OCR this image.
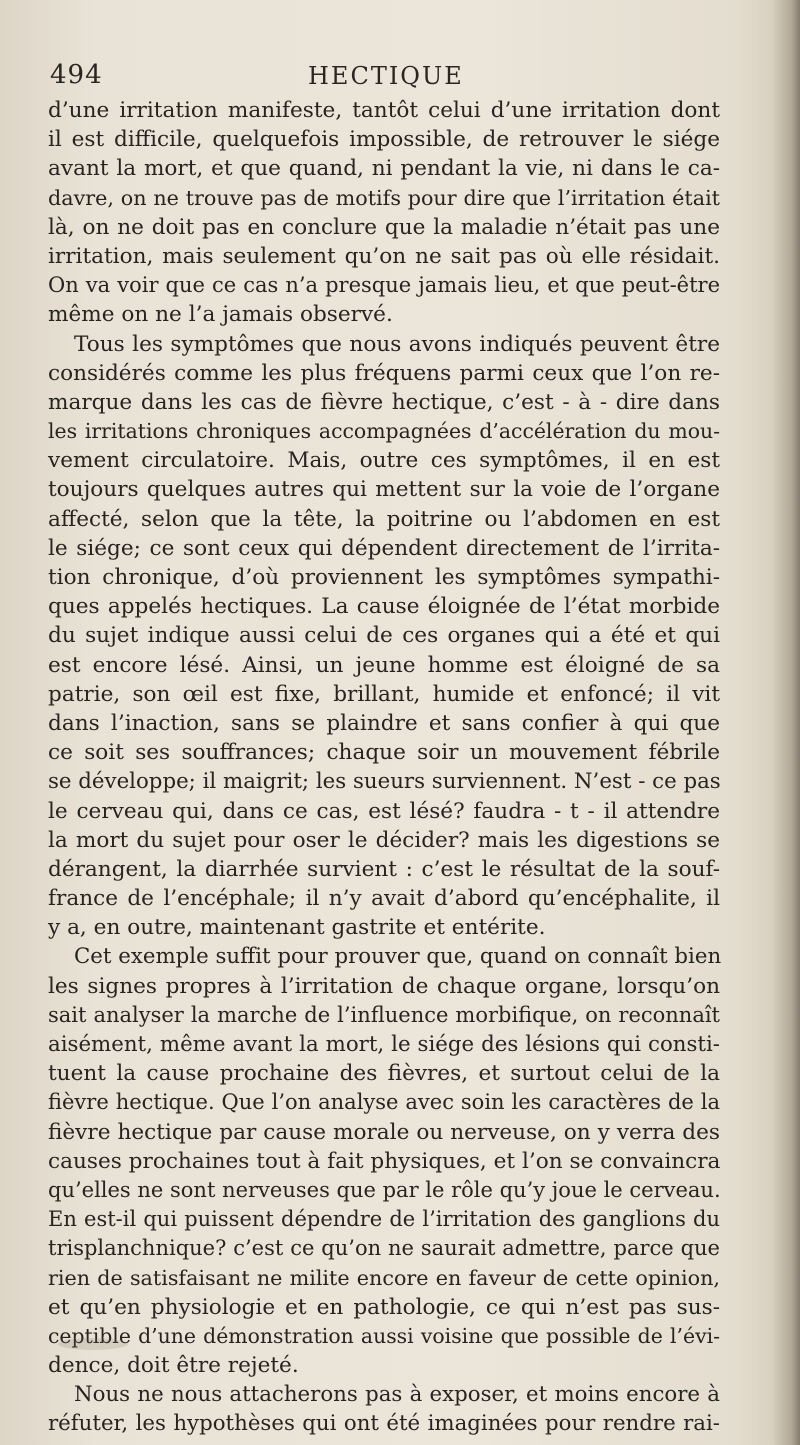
494	HECTIQUE
d’une irritation manifeste, tantôt celui d’une irritation dont
il est difficile, quelquefois impossible, de retrouver le siége
avant la mort, et que quand, ni pendant la vie, ni dans le ca-
davre, on ne trouve pas de motifs pour dire que l’irritation était
là, on ne doit pas en conclure que la maladie n’était pas une
irritation, mais seulement qu’on ne sait pas où elle résidait.
On va voir que ce cas n’a presque jamais lieu, et que peut-être
même on ne l’a jamais observé.
Tous les symptômes que nous avons indiqués peuvent être
considérés comme les plus fréquens parmi ceux que l’on re-
marque dans les cas de fièvre hectique, c’est - à - dire dans
les irritations chroniques accompagnées d’accélération du mou-
vement circulatoire. Mais, outre ces symptômes, il en est
toujours quelques autres qui mettent sur la voie de l’organe
affecté, selon que la tête, la poitrine ou l’abdomen en est
le siége; ce sont ceux qui dépendent directement de l’irrita-
tion chronique, d’où proviennent les symptômes sympathi-
ques appelés hectiques. La cause éloignée de l’état morbide
du sujet indique aussi celui de ces organes qui a été et qui
est encore lésé. Ainsi, un jeune homme est éloigné de sa
patrie, son œil est fixe, brillant, humide et enfoncé; il vit
dans l’inaction, sans se plaindre et sans confier à qui que
ce soit ses souffrances; chaque soir un mouvement fébrile
se développe; il maigrit; les sueurs surviennent. N’est - ce pas
le cerveau qui, dans ce cas, est lésé? faudra - t - il attendre
la mort du sujet pour oser le décider? mais les digestions se
dérangent, la diarrhée survient : c’est le résultat de la souf-
france de l’encéphale; il n’y avait d’abord qu’encéphalite, il
y a, en outre, maintenant gastrite et entérite.
Cet exemple suffit pour prouver que, quand on connaît bien
les signes propres à l’irritation de chaque organe, lorsqu’on
sait analyser la marche de l’influence morbifique, on reconnaît
aisément, même avant la mort, le siége des lésions qui consti-
tuent la cause prochaine des fièvres, et surtout celui de la
fièvre hectique. Que l’on analyse avec soin les caractères de la
fièvre hectique par cause morale ou nerveuse, on y verra des
causes prochaines tout à fait physiques, et l’on se convaincra
qu’elles ne sont nerveuses que par le rôle qu’y joue le cerveau.
En est-il qui puissent dépendre de l’irritation des ganglions du
trisplanchnique? c’est ce qu’on ne saurait admettre, parce que
rien de satisfaisant ne milite encore en faveur de cette opinion,
et qu’en physiologie et en pathologie, ce qui n’est pas sus-
ceptible d’une démonstration aussi voisine que possible de l’évi-
dence, doit être rejeté.
Nous ne nous attacherons pas à exposer, et moins encore à
réfuter, les hypothèses qui ont été imaginées pour rendre rai-
